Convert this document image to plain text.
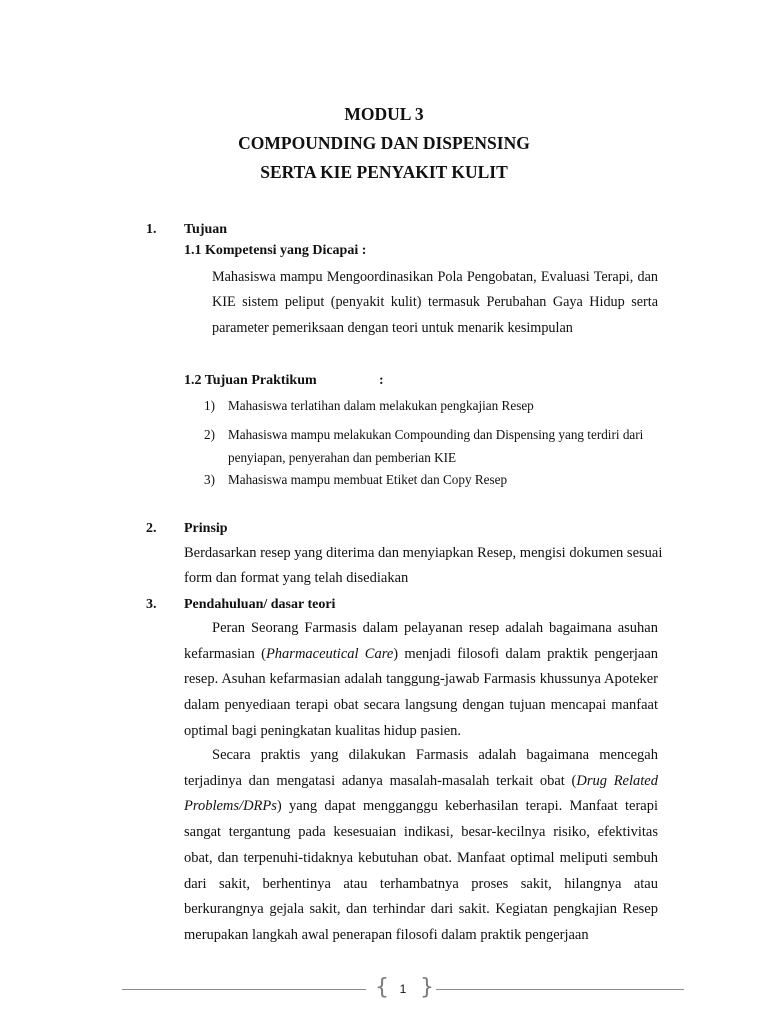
MODUL 3
COMPOUNDING DAN DISPENSING
SERTA KIE PENYAKIT KULIT
1. Tujuan
1.1 Kompetensi yang Dicapai :
Mahasiswa mampu Mengoordinasikan Pola Pengobatan, Evaluasi Terapi, dan KIE sistem peliput (penyakit kulit) termasuk Perubahan Gaya Hidup serta parameter pemeriksaan dengan teori untuk menarik kesimpulan
1.2 Tujuan Praktikum	:
1) Mahasiswa terlatihan dalam melakukan pengkajian Resep
2) Mahasiswa mampu melakukan Compounding dan Dispensing yang terdiri dari penyiapan, penyerahan dan pemberian KIE
3) Mahasiswa mampu membuat Etiket dan Copy Resep
2. Prinsip
Berdasarkan resep yang diterima dan menyiapkan Resep, mengisi dokumen sesuai form dan format yang telah disediakan
3. Pendahuluan/ dasar teori
Peran Seorang Farmasis dalam pelayanan resep adalah bagaimana asuhan kefarmasian (Pharmaceutical Care) menjadi filosofi dalam praktik pengerjaan resep. Asuhan kefarmasian adalah tanggung-jawab Farmasis khussunya Apoteker dalam penyediaan terapi obat secara langsung dengan tujuan mencapai manfaat optimal bagi peningkatan kualitas hidup pasien.
Secara praktis yang dilakukan Farmasis adalah bagaimana mencegah terjadinya dan mengatasi adanya masalah-masalah terkait obat (Drug Related Problems/DRPs) yang dapat mengganggu keberhasilan terapi. Manfaat terapi sangat tergantung pada kesesuaian indikasi, besar-kecilnya risiko, efektivitas obat, dan terpenuhi-tidaknya kebutuhan obat. Manfaat optimal meliputi sembuh dari sakit, berhentinya atau terhambatnya proses sakit, hilangnya atau berkurangnya gejala sakit, dan terhindar dari sakit. Kegiatan pengkajian Resep merupakan langkah awal penerapan filosofi dalam praktik pengerjaan
{ 1 }
